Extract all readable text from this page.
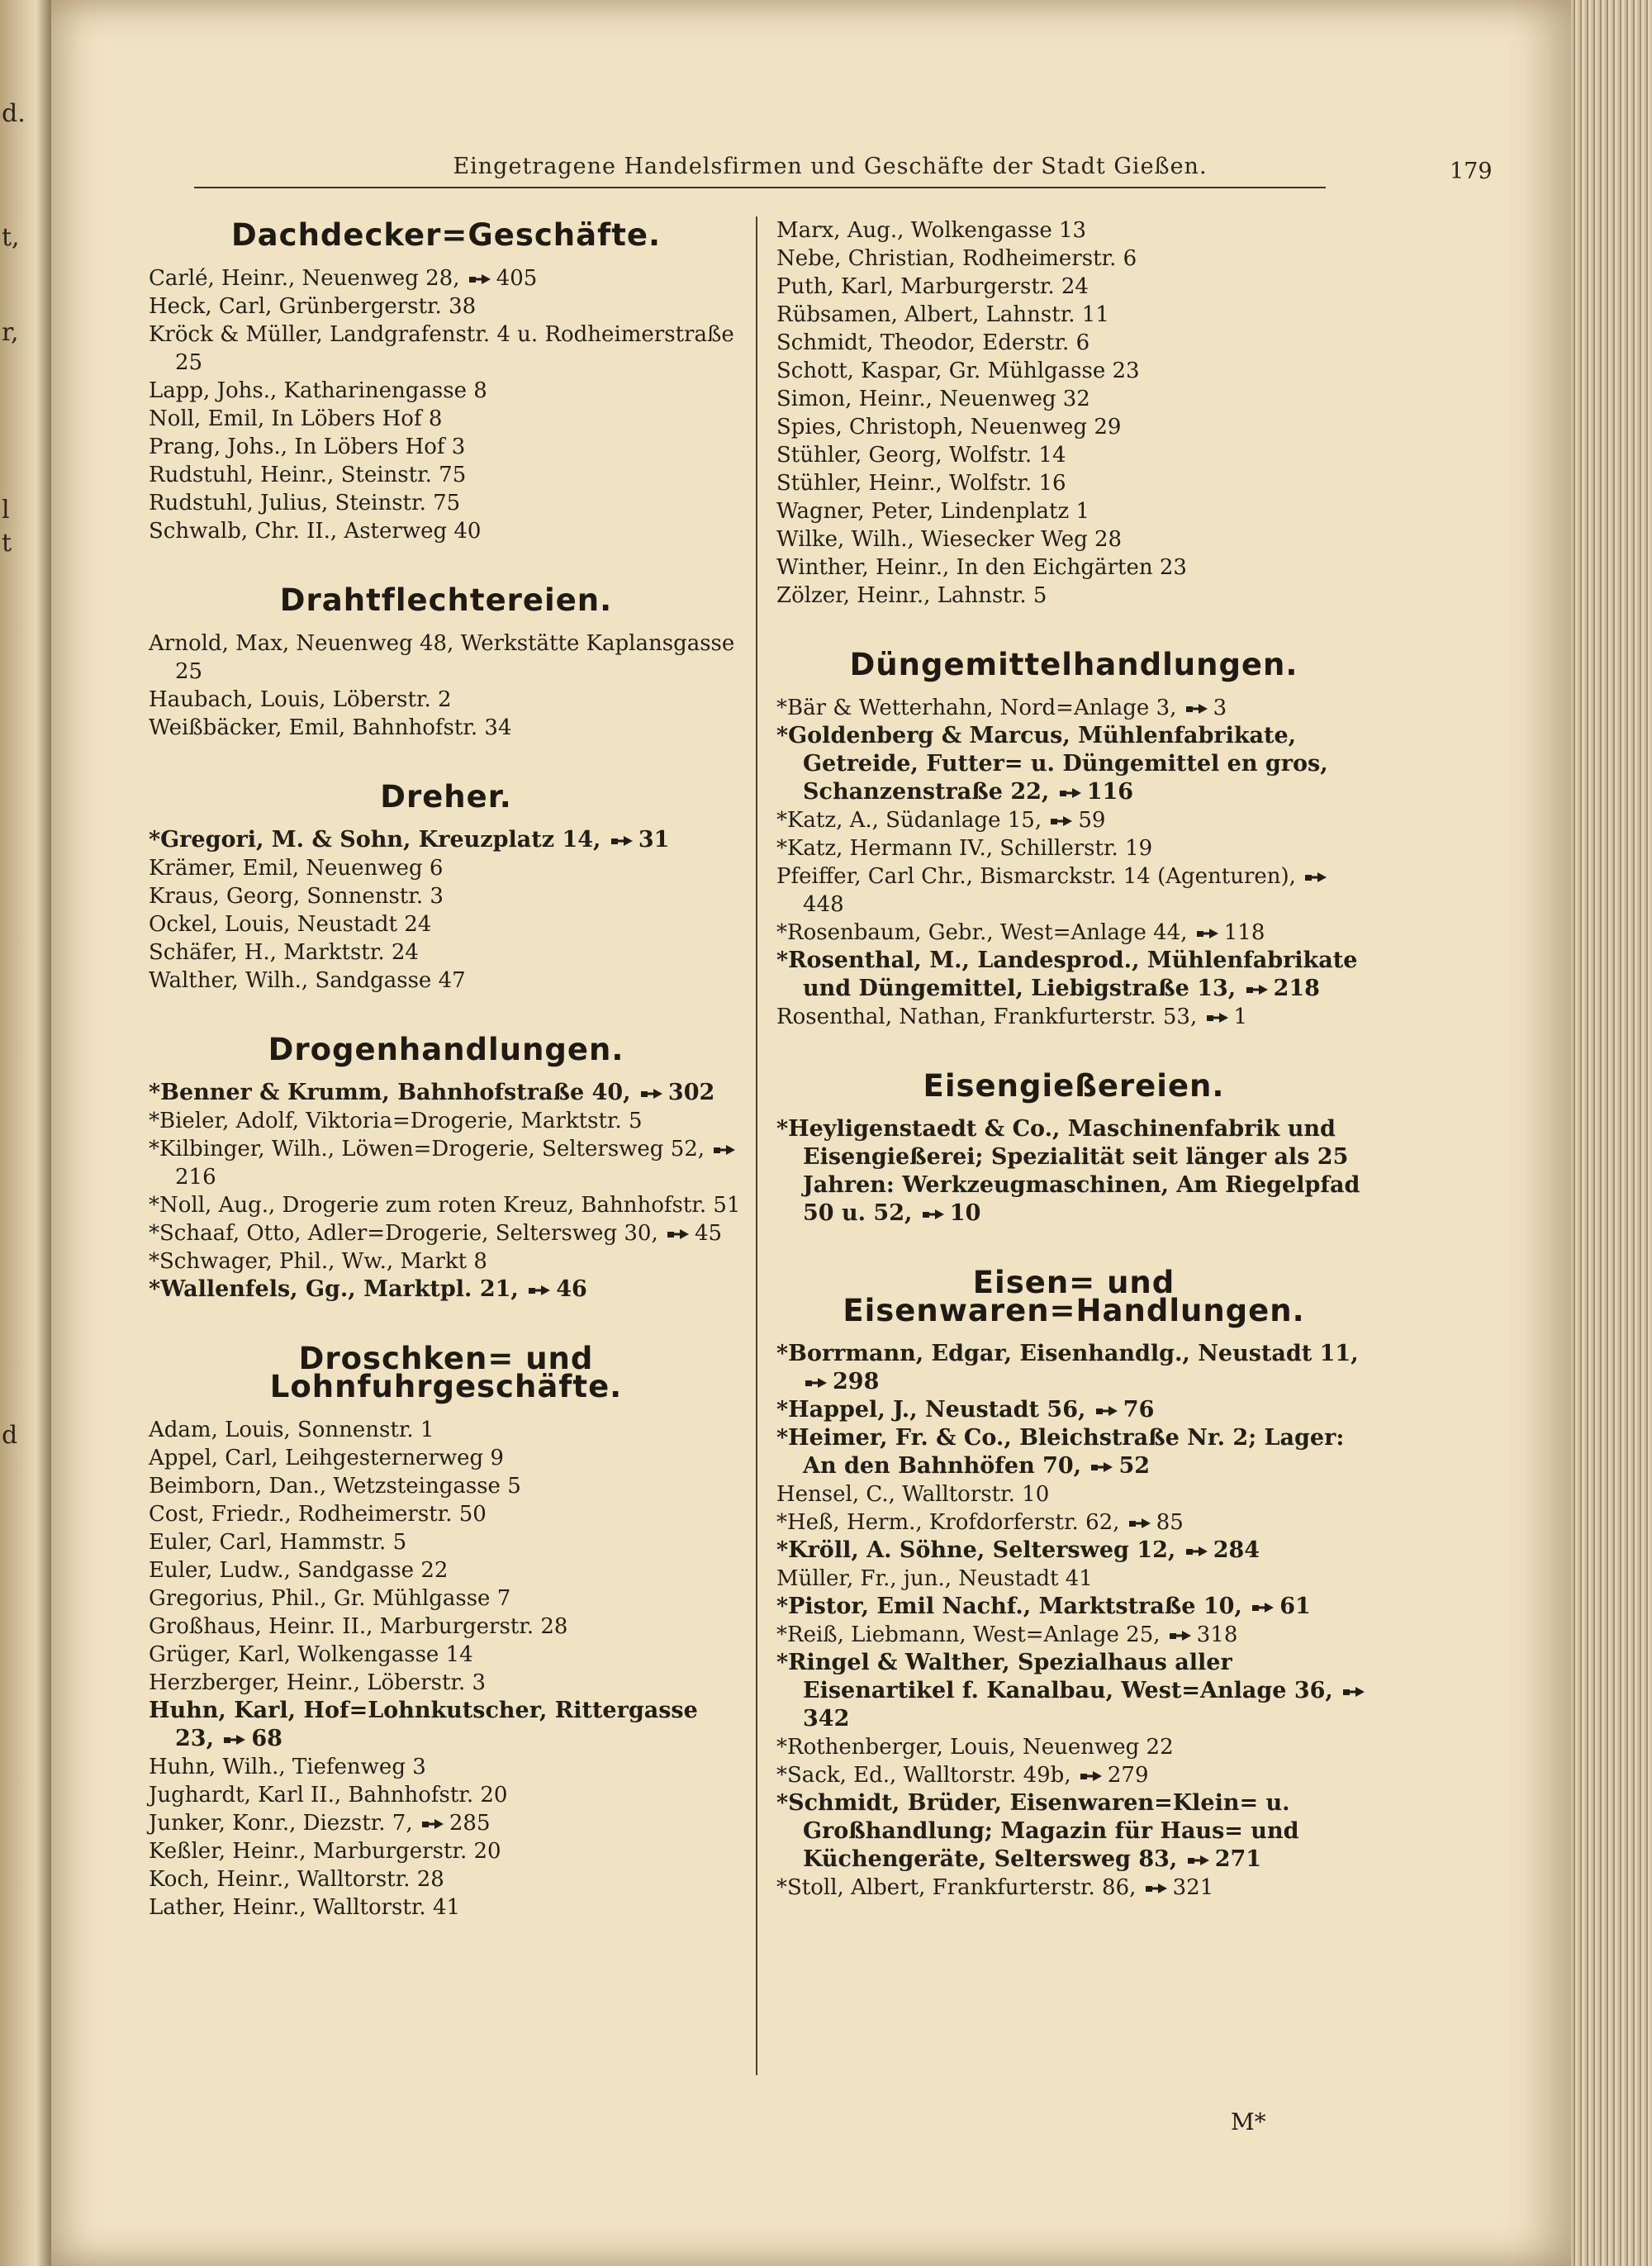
d.
t,
r,
l
t
d
Eingetragene Handelsfirmen und Geschäfte der Stadt Gießen.	179
Dachdecker=Geschäfte.

Carlé, Heinr., Neuenweg 28, 405

Heck, Carl, Grünbergerstr. 38

Kröck & Müller, Landgrafenstr. 4 u. Rodheimerstraße 25

Lapp, Johs., Katharinengasse 8

Noll, Emil, In Löbers Hof 8

Prang, Johs., In Löbers Hof 3

Rudstuhl, Heinr., Steinstr. 75

Rudstuhl, Julius, Steinstr. 75

Schwalb, Chr. II., Asterweg 40

Drahtflechtereien.

Arnold, Max, Neuenweg 48, Werkstätte Kaplansgasse 25

Haubach, Louis, Löberstr. 2

Weißbäcker, Emil, Bahnhofstr. 34

Dreher.

*Gregori, M. & Sohn, Kreuzplatz 14, 31

Krämer, Emil, Neuenweg 6

Kraus, Georg, Sonnenstr. 3

Ockel, Louis, Neustadt 24

Schäfer, H., Marktstr. 24

Walther, Wilh., Sandgasse 47

Drogenhandlungen.

*Benner & Krumm, Bahnhofstraße 40, 302

*Bieler, Adolf, Viktoria=Drogerie, Marktstr. 5

*Kilbinger, Wilh., Löwen=Drogerie, Seltersweg 52, 216

*Noll, Aug., Drogerie zum roten Kreuz, Bahnhofstr. 51

*Schaaf, Otto, Adler=Drogerie, Seltersweg 30, 45

*Schwager, Phil., Ww., Markt 8

*Wallenfels, Gg., Marktpl. 21, 46

Droschken= und Lohnfuhrgeschäfte.

Adam, Louis, Sonnenstr. 1

Appel, Carl, Leihgesternerweg 9

Beimborn, Dan., Wetzsteingasse 5

Cost, Friedr., Rodheimerstr. 50

Euler, Carl, Hammstr. 5

Euler, Ludw., Sandgasse 22

Gregorius, Phil., Gr. Mühlgasse 7

Großhaus, Heinr. II., Marburgerstr. 28

Grüger, Karl, Wolkengasse 14

Herzberger, Heinr., Löberstr. 3

Huhn, Karl, Hof=Lohnkutscher, Rittergasse 23, 68

Huhn, Wilh., Tiefenweg 3

Jughardt, Karl II., Bahnhofstr. 20

Junker, Konr., Diezstr. 7, 285

Keßler, Heinr., Marburgerstr. 20

Koch, Heinr., Walltorstr. 28

Lather, Heinr., Walltorstr. 41

Marx, Aug., Wolkengasse 13

Nebe, Christian, Rodheimerstr. 6

Puth, Karl, Marburgerstr. 24

Rübsamen, Albert, Lahnstr. 11

Schmidt, Theodor, Ederstr. 6

Schott, Kaspar, Gr. Mühlgasse 23

Simon, Heinr., Neuenweg 32

Spies, Christoph, Neuenweg 29

Stühler, Georg, Wolfstr. 14

Stühler, Heinr., Wolfstr. 16

Wagner, Peter, Lindenplatz 1

Wilke, Wilh., Wiesecker Weg 28

Winther, Heinr., In den Eichgärten 23

Zölzer, Heinr., Lahnstr. 5

Düngemittelhandlungen.

*Bär & Wetterhahn, Nord=Anlage 3, 3

*Goldenberg & Marcus, Mühlenfabrikate, Getreide, Futter= u. Düngemittel en gros, Schanzenstraße 22, 116

*Katz, A., Südanlage 15, 59

*Katz, Hermann IV., Schillerstr. 19

Pfeiffer, Carl Chr., Bismarckstr. 14 (Agenturen), 448

*Rosenbaum, Gebr., West=Anlage 44, 118

*Rosenthal, M., Landesprod., Mühlenfabrikate und Düngemittel, Liebigstraße 13, 218

Rosenthal, Nathan, Frankfurterstr. 53, 1

Eisengießereien.

*Heyligenstaedt & Co., Maschinenfabrik und Eisengießerei; Spezialität seit länger als 25 Jahren: Werkzeugmaschinen, Am Riegelpfad 50 u. 52, 10

Eisen= und Eisenwaren=Handlungen.

*Borrmann, Edgar, Eisenhandlg., Neustadt 11, 298

*Happel, J., Neustadt 56, 76

*Heimer, Fr. & Co., Bleichstraße Nr. 2; Lager: An den Bahnhöfen 70, 52

Hensel, C., Walltorstr. 10

*Heß, Herm., Krofdorferstr. 62, 85

*Kröll, A. Söhne, Seltersweg 12, 284

Müller, Fr., jun., Neustadt 41

*Pistor, Emil Nachf., Marktstraße 10, 61

*Reiß, Liebmann, West=Anlage 25, 318

*Ringel & Walther, Spezialhaus aller Eisenartikel f. Kanalbau, West=Anlage 36, 342

*Rothenberger, Louis, Neuenweg 22

*Sack, Ed., Walltorstr. 49b, 279

*Schmidt, Brüder, Eisenwaren=Klein= u. Großhandlung; Magazin für Haus= und Küchengeräte, Seltersweg 83, 271

*Stoll, Albert, Frankfurterstr. 86, 321

M*
